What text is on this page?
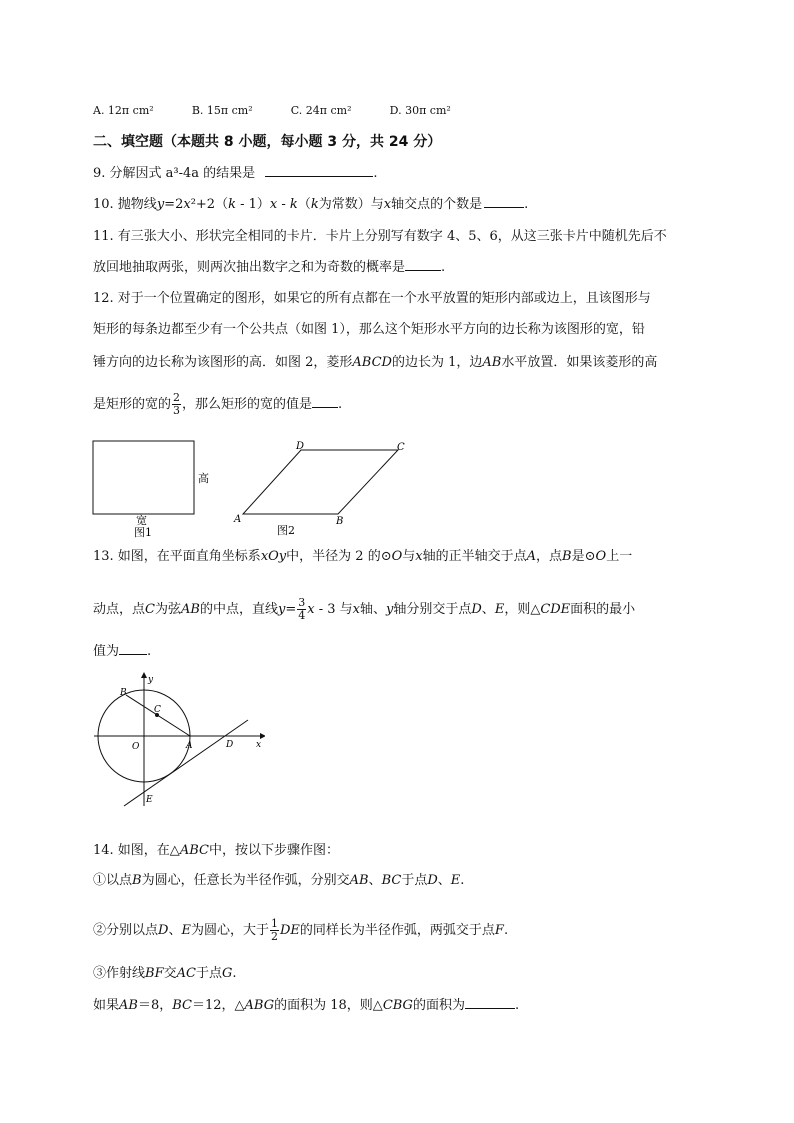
A. 12π cm²	B. 15π cm²	C. 24π cm²	D. 30π cm²
二、填空题（本题共 8 小题，每小题 3 分，共 24 分）
9. 分解因式 a³-4a 的结果是	.
10. 抛物线y=2x²+2（k - 1）x - k（k为常数）与x轴交点的个数是	.
11. 有三张大小、形状完全相同的卡片．卡片上分别写有数字 4、5、6，从这三张卡片中随机先后不
放回地抽取两张，则两次抽出数字之和为奇数的概率是	.
12. 对于一个位置确定的图形，如果它的所有点都在一个水平放置的矩形内部或边上，且该图形与
矩形的每条边都至少有一个公共点（如图 1），那么这个矩形水平方向的边长称为该图形的宽，铅
锤方向的边长称为该图形的高．如图 2，菱形ABCD的边长为 1，边AB水平放置．如果该菱形的高
是矩形的宽的 $\frac{2}{3}$ ，那么矩形的宽的值是 .
高
宽
图1
A	B
C
D
图2
13. 如图，在平面直角坐标系xOy中，半径为 2 的⊙O与x轴的正半轴交于点A，点B是⊙O上一
动点，点C为弦AB的中点，直线$y= \frac{3}{4}$ x - 3 与x轴、y轴分别交于点D、E，则△CDE面积的最小
值为 .
y
x
B
C
O	A	D
E
14. 如图，在△ABC中，按以下步骤作图：
①以点B为圆心，任意长为半径作弧，分别交AB、BC于点D、E.
②分别以点D、E为圆心，大于 $\frac{1}{2}$ DE的同样长为半径作弧，两弧交于点F.
③作射线BF交AC于点G.
如果AB＝8，BC＝12，△ABG的面积为 18，则△CBG的面积为	.
